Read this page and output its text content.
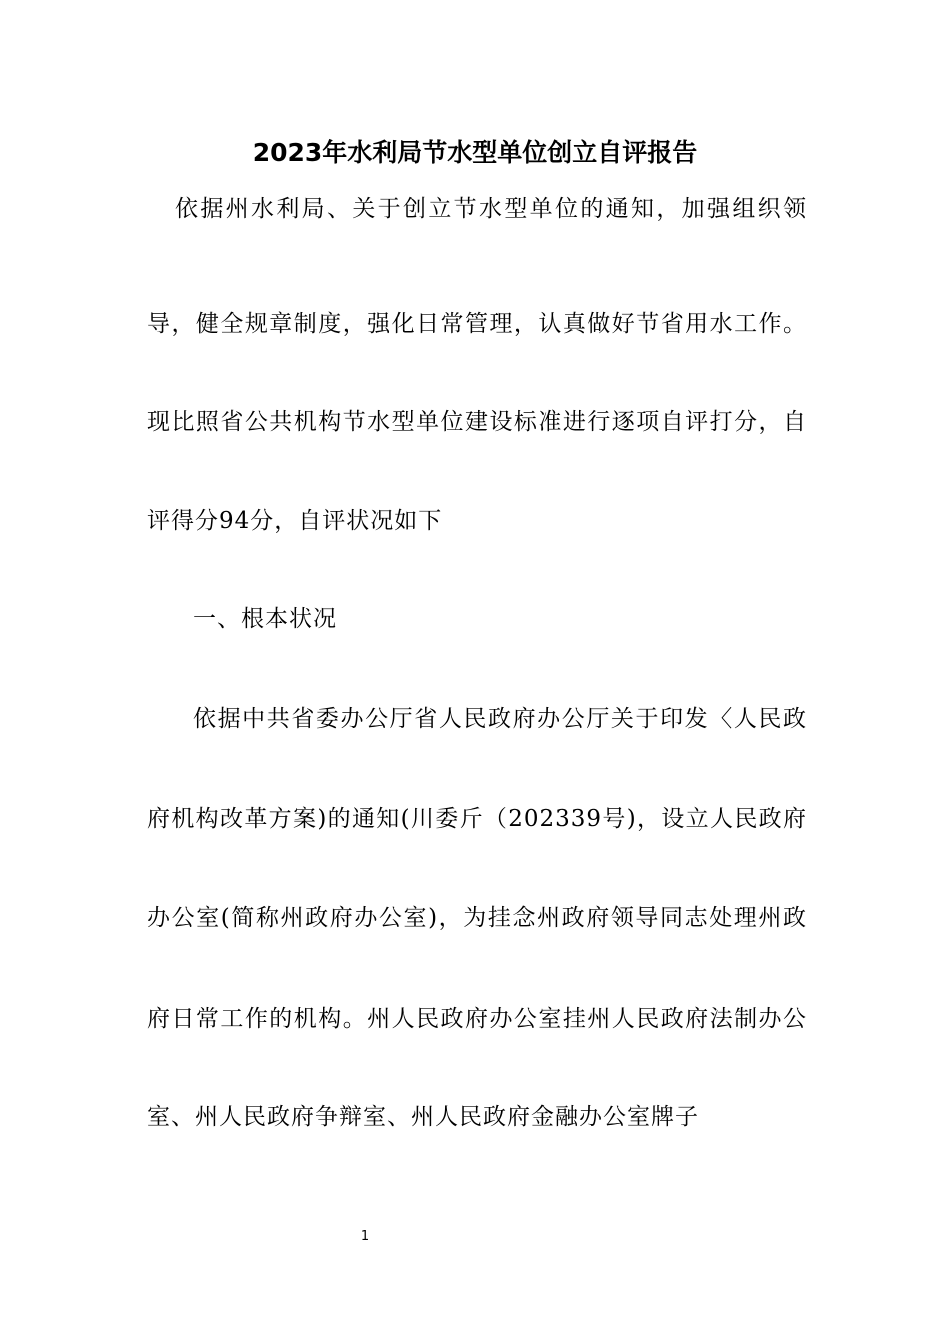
2023年水利局节水型单位创立自评报告
依据州水利局、关于创立节水型单位的通知，加强组织领
导，健全规章制度，强化日常管理，认真做好节省用水工作。
现比照省公共机构节水型单位建设标准进行逐项自评打分，自
评得分94分，自评状况如下
一、根本状况
依据中共省委办公厅省人民政府办公厅关于印发〈人民政
府机构改革方案)的通知(川委斤（202339号)，设立人民政府
办公室(简称州政府办公室)，为挂念州政府领导同志处理州政
府日常工作的机构。州人民政府办公室挂州人民政府法制办公
室、州人民政府争辩室、州人民政府金融办公室牌子
1
